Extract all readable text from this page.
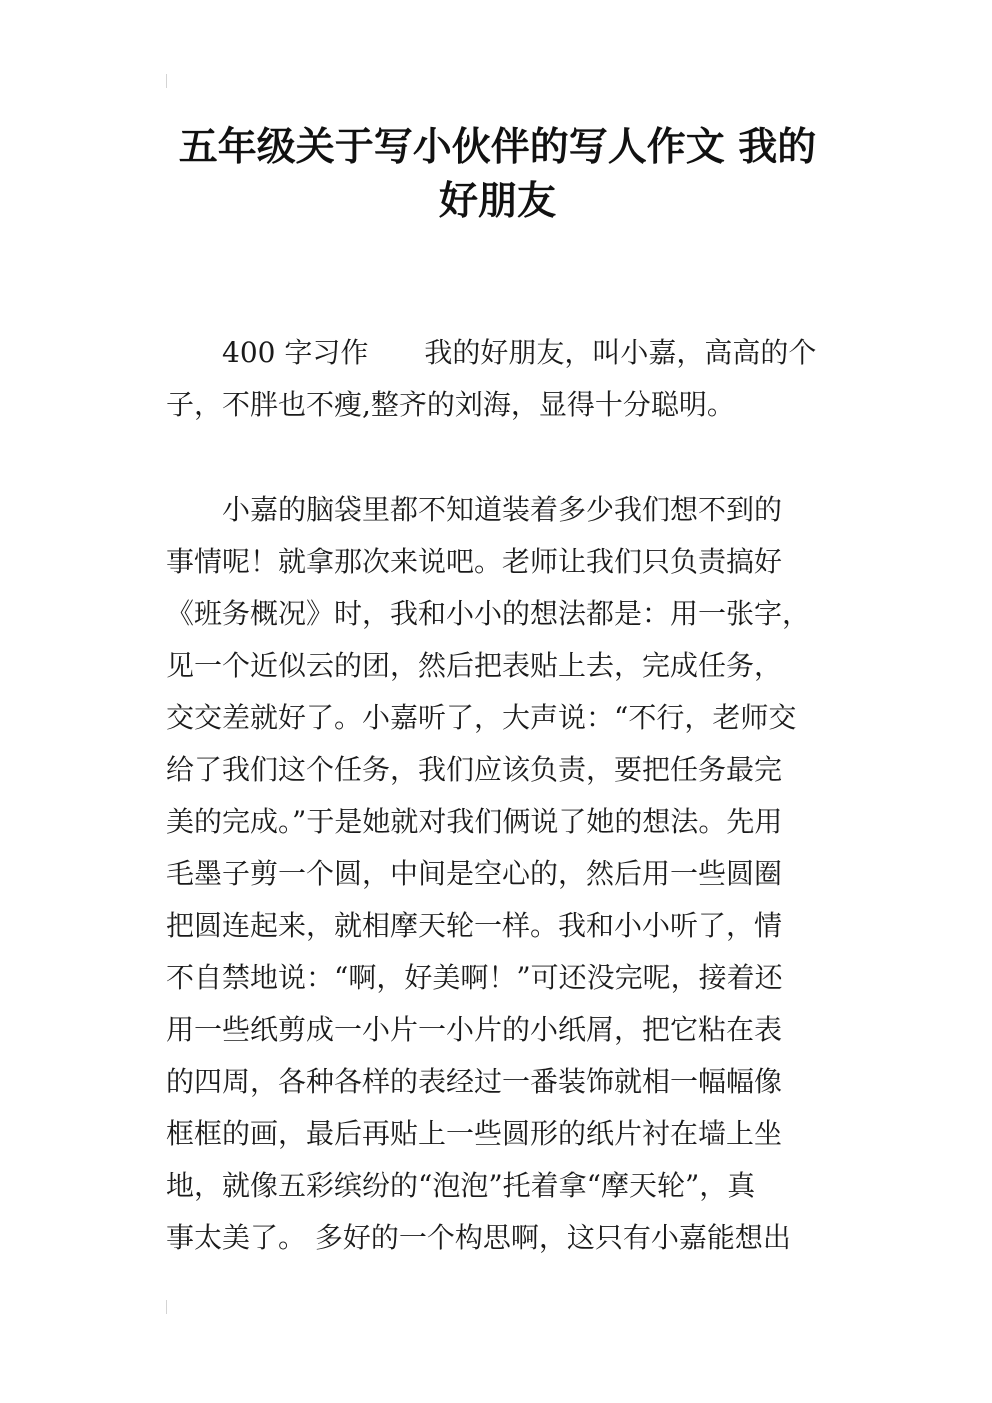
五年级关于写小伙伴的写人作文 我的
好朋友
　　400 字习作　　我的好朋友，叫小嘉，高高的个
子，不胖也不瘦,整齐的刘海，显得十分聪明。
　　小嘉的脑袋里都不知道装着多少我们想不到的
事情呢！就拿那次来说吧。老师让我们只负责搞好
《班务概况》时，我和小小的想法都是：用一张字，
见一个近似云的团，然后把表贴上去，完成任务，
交交差就好了。小嘉听了，大声说：“不行，老师交
给了我们这个任务，我们应该负责，要把任务最完
美的完成。”于是她就对我们俩说了她的想法。先用
毛墨子剪一个圆，中间是空心的，然后用一些圆圈
把圆连起来，就相摩天轮一样。我和小小听了，情
不自禁地说：“啊，好美啊！”可还没完呢，接着还
用一些纸剪成一小片一小片的小纸屑，把它粘在表
的四周，各种各样的表经过一番装饰就相一幅幅像
框框的画，最后再贴上一些圆形的纸片衬在墙上坐
地，就像五彩缤纷的“泡泡”托着拿“摩天轮”，真
事太美了。 多好的一个构思啊，这只有小嘉能想出
